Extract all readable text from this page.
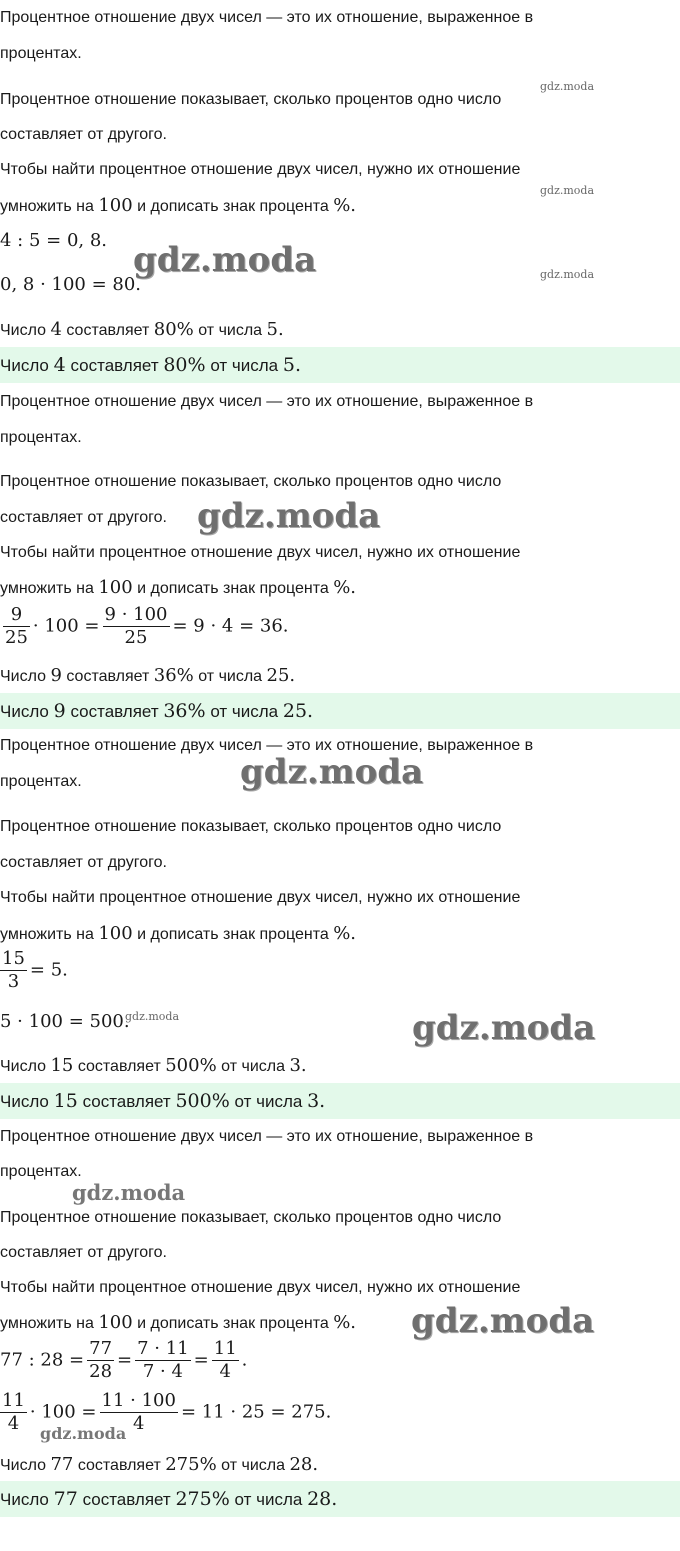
Процентное отношение двух чисел — это их отношение, выраженное в
процентах.
Процентное отношение показывает, сколько процентов одно число
составляет от другого.
Чтобы найти процентное отношение двух чисел, нужно их отношение
умножить на 100 и дописать знак процента %.
4 : 5 = 0, 8.
0, 8 · 100 = 80.
Число 4 составляет 80% от числа 5.
Число 4 составляет 80% от числа 5.
Процентное отношение двух чисел — это их отношение, выраженное в
процентах.
Процентное отношение показывает, сколько процентов одно число
составляет от другого.
Чтобы найти процентное отношение двух чисел, нужно их отношение
умножить на 100 и дописать знак процента %.
$\frac{9}{25} \cdot 100 = \frac{9 \cdot 100}{25} = 9 \cdot 4 = 36$.
Число 9 составляет 36% от числа 25.
Число 9 составляет 36% от числа 25.
Процентное отношение двух чисел — это их отношение, выраженное в
процентах.
Процентное отношение показывает, сколько процентов одно число
составляет от другого.
Чтобы найти процентное отношение двух чисел, нужно их отношение
умножить на 100 и дописать знак процента %.
$\frac{15}{3} = 5$.
5 · 100 = 500.
Число 15 составляет 500% от числа 3.
Число 15 составляет 500% от числа 3.
Процентное отношение двух чисел — это их отношение, выраженное в
процентах.
Процентное отношение показывает, сколько процентов одно число
составляет от другого.
Чтобы найти процентное отношение двух чисел, нужно их отношение
умножить на 100 и дописать знак процента %.
77 : $28 = \frac{77}{28} = \frac{7 \cdot 11}{7 \cdot 4} = \frac{11}{4}$ .
$\frac{11}{4} \cdot 100 = \frac{11 \cdot 100}{4} = 11 \cdot 25 = 275$.
Число 77 составляет 275% от числа 28.
Число 77 составляет 275% от числа 28.
gdz.moda
gdz.moda
gdz.moda	gdz.moda
gdz.moda
gdz.moda
gdz.moda	gdz.moda
gdz.moda
gdz.moda
gdz.moda
